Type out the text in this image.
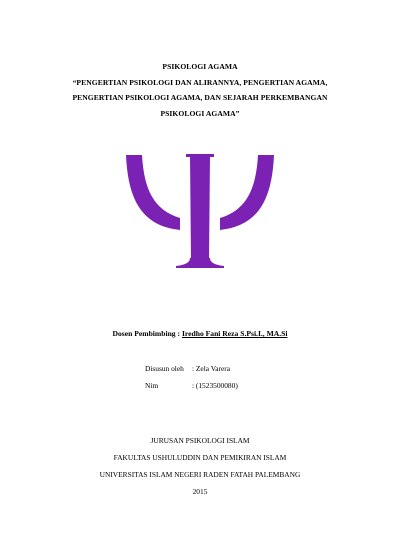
PSIKOLOGI AGAMA
“PENGERTIAN PSIKOLOGI DAN ALIRANNYA, PENGERTIAN AGAMA,
PENGERTIAN PSIKOLOGI AGAMA, DAN SEJARAH PERKEMBANGAN
PSIKOLOGI AGAMA”
Dosen Pembimbing : Iredho Fani Reza S.Psi.I., MA.Si
Disusun oleh : Zela Varera
Nim	: (1523500080)
JURUSAN PSIKOLOGI ISLAM
FAKULTAS USHULUDDIN DAN PEMIKIRAN ISLAM
UNIVERSITAS ISLAM NEGERI RADEN FATAH PALEMBANG
2015
